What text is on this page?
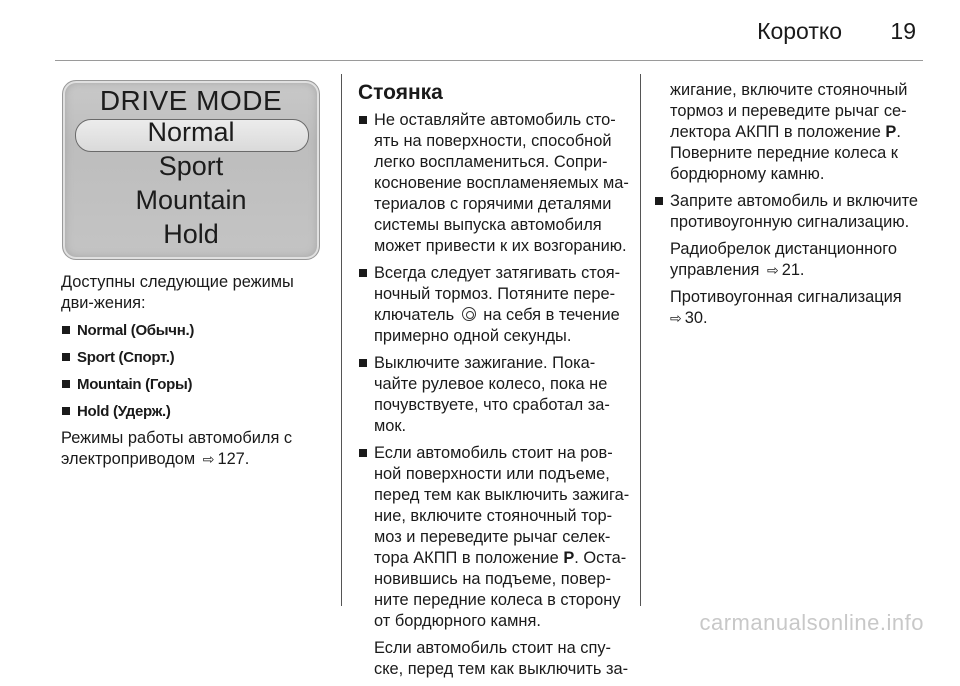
Коротко 19
DRIVE MODE
Normal
Sport
Mountain
Hold

Доступны следующие режимы дви-жения:

Normal (Обычн.)
Sport (Спорт.)
Mountain (Горы)
Hold (Удерж.)

Режимы работы автомобиля с электроприводом ⇨ 127.

Стоянка
Не оставляйте автомобиль сто-ять на поверхности, способной легко воспламениться. Сопри-косновение воспламеняемых ма-териалов с горячими деталями системы выпуска автомобиля может привести к их возгоранию.
Всегда следует затягивать стоя-ночный тормоз. Потяните пере-ключатель на себя в течение примерно одной секунды.
Выключите зажигание. Пока-чайте рулевое колесо, пока не почувствуете, что сработал за-мок.
Если автомобиль стоит на ров-ной поверхности или подъеме, перед тем как выключить зажига-ние, включите стояночный тор-моз и переведите рычаг селек-тора АКПП в положение P. Оста-новившись на подъеме, повер-ните передние колеса в сторону от бордюрного камня.

Если автомобиль стоит на спу-ске, перед тем как выключить за-

жигание, включите стояночный тормоз и переведите рычаг се-лектора АКПП в положение P. Поверните передние колеса к бордюрному камню.

Заприте автомобиль и включите противоугонную сигнализацию.

Радиобрелок дистанционного управления ⇨ 21.

Противоугонная сигнализация
⇨ 30.

carmanualsonline.info
